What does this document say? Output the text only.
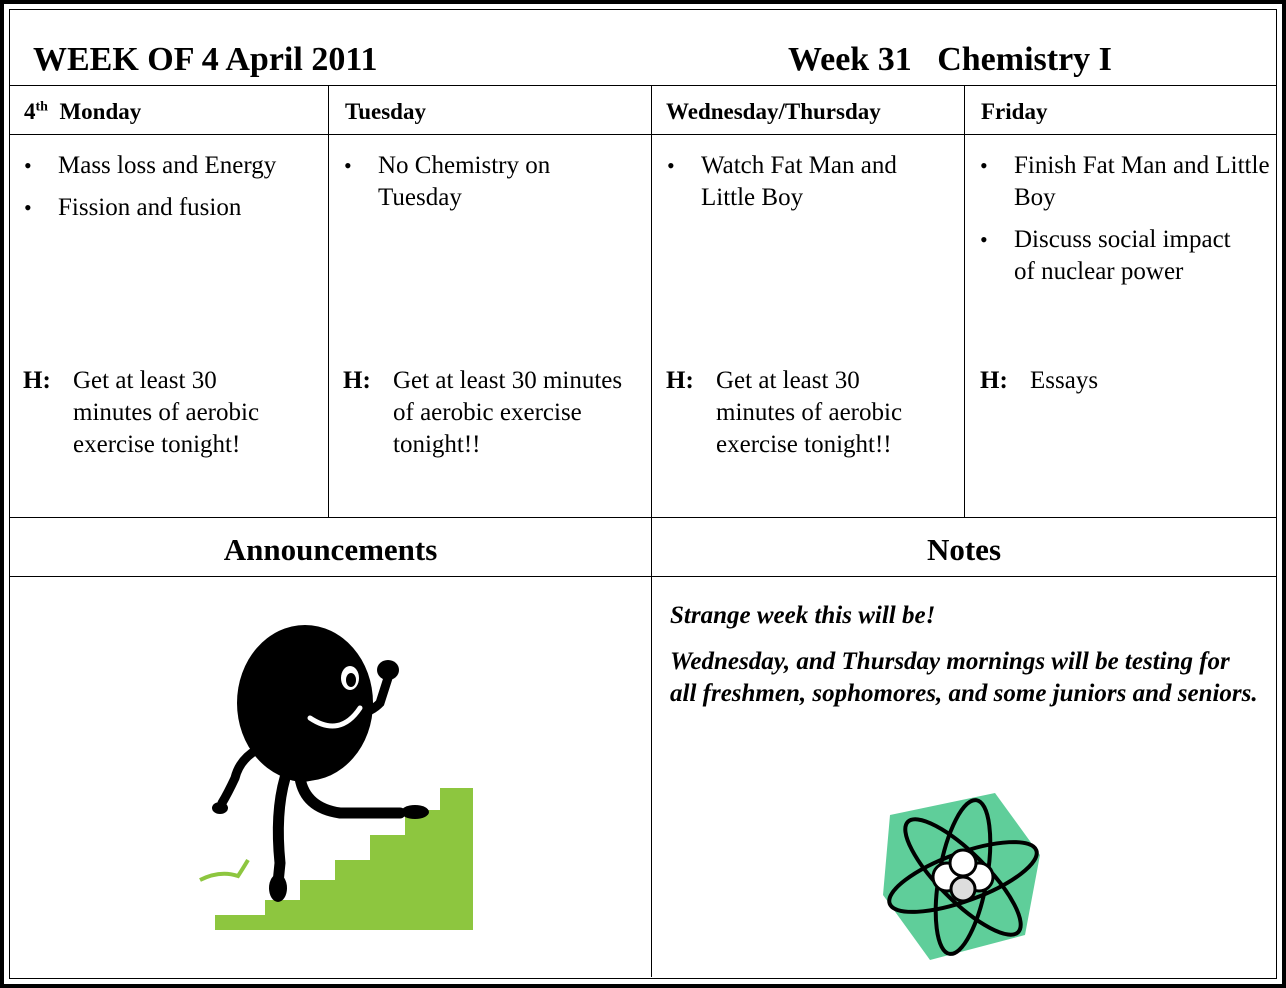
WEEK OF 4 April 2011	Week 31   Chemistry I
4th Monday	Tuesday	Wednesday/Thursday	Friday
• Mass loss and Energy
• Fission and fusion
H: Get at least 30 minutes of aerobic exercise tonight!
• No Chemistry on Tuesday
H: Get at least 30 minutes of aerobic exercise tonight!!
• Watch Fat Man and Little Boy
H: Get at least 30 minutes of aerobic exercise tonight!!
• Finish Fat Man and Little Boy
• Discuss social impact of nuclear power
H: Essays
Announcements	Notes

Strange week this will be!

Wednesday, and Thursday mornings will be testing for all freshmen, sophomores, and some juniors and seniors.
